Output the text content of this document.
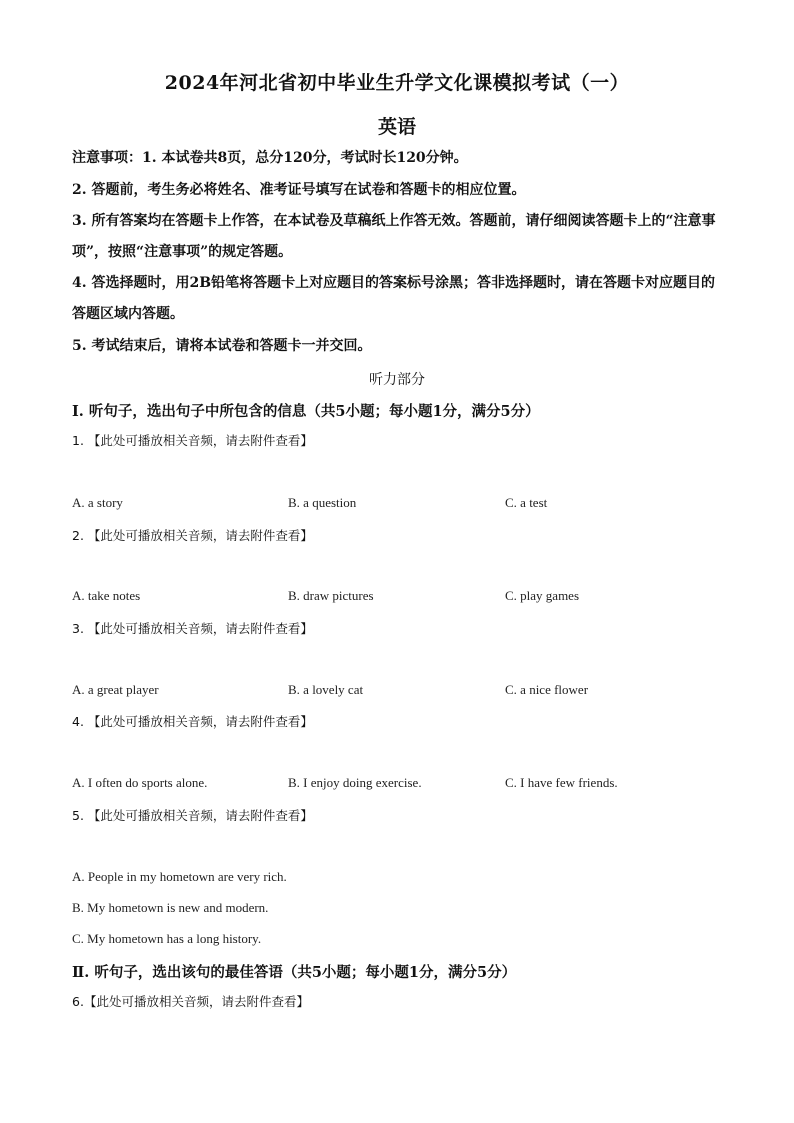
2024年河北省初中毕业生升学文化课模拟考试（一）
英语
注意事项：1. 本试卷共8页，总分120分，考试时长120分钟。
2. 答题前，考生务必将姓名、准考证号填写在试卷和答题卡的相应位置。
3. 所有答案均在答题卡上作答，在本试卷及草稿纸上作答无效。答题前，请仔细阅读答题卡上的“注意事项”，按照“注意事项”的规定答题。
4. 答选择题时，用2B铅笔将答题卡上对应题目的答案标号涂黑；答非选择题时，请在答题卡对应题目的答题区域内答题。
5. 考试结束后，请将本试卷和答题卡一并交回。
听力部分
I. 听句子，选出句子中所包含的信息（共5小题；每小题1分，满分5分）
1. 【此处可播放相关音频，请去附件查看】
A. a story	B. a question	C. a test
2. 【此处可播放相关音频，请去附件查看】
A. take notes	B. draw pictures	C. play games
3. 【此处可播放相关音频，请去附件查看】
A. a great player	B. a lovely cat	C. a nice flower
4. 【此处可播放相关音频，请去附件查看】
A. I often do sports alone.	B. I enjoy doing exercise.	C. I have few friends.
5. 【此处可播放相关音频，请去附件查看】
A. People in my hometown are very rich.
B. My hometown is new and modern.
C. My hometown has a long history.
Ⅱ. 听句子，选出该句的最佳答语（共5小题；每小题1分，满分5分）
6.【此处可播放相关音频，请去附件查看】
